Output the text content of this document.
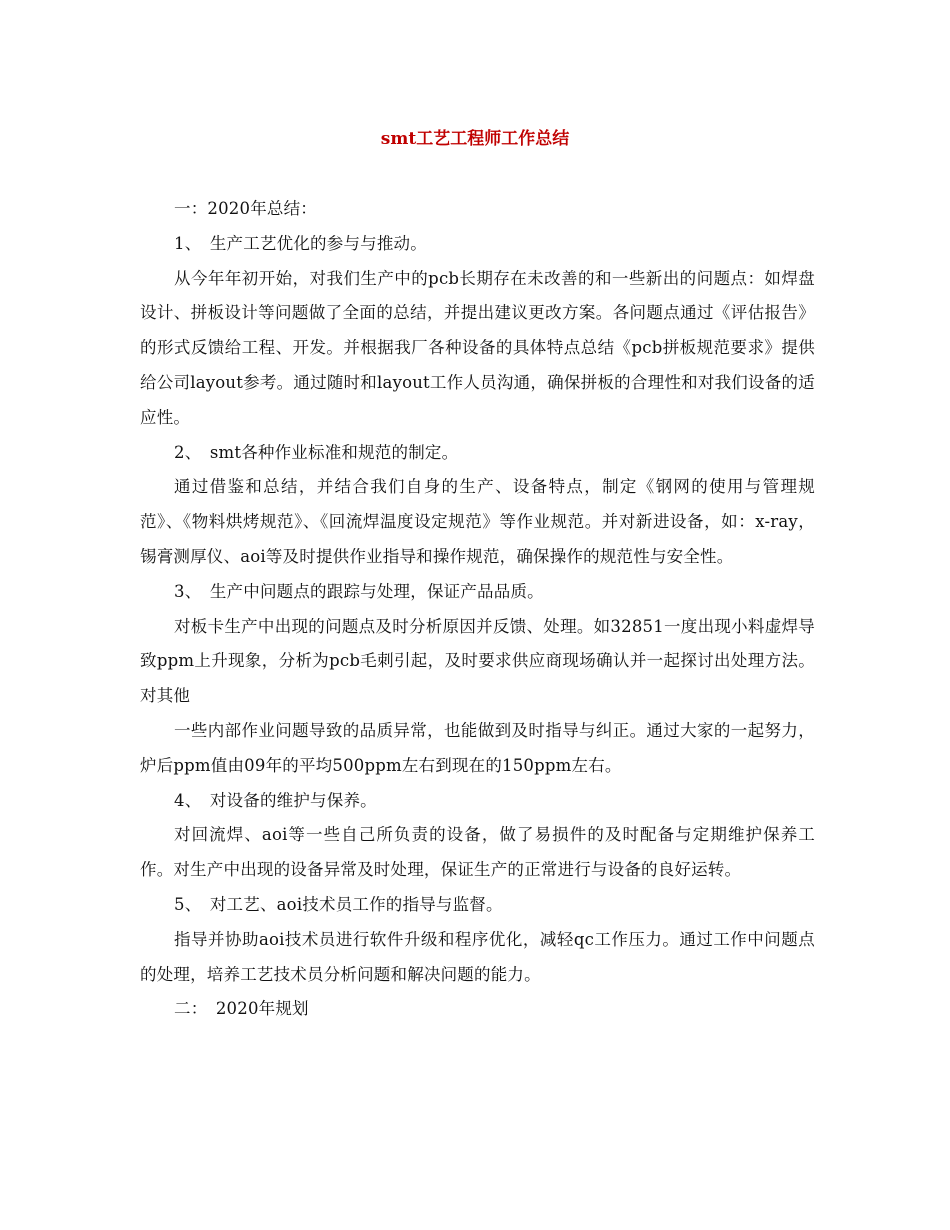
smt工艺工程师工作总结

一：2020年总结：

1、　生产工艺优化的参与与推动。

从今年年初开始，对我们生产中的pcb长期存在未改善的和一些新出的问题点：如焊盘设计、拼板设计等问题做了全面的总结，并提出建议更改方案。各问题点通过《评估报告》的形式反馈给工程、开发。并根据我厂各种设备的具体特点总结《pcb拼板规范要求》提供给公司layout参考。通过随时和layout工作人员沟通，确保拼板的合理性和对我们设备的适应性。

2、　smt各种作业标准和规范的制定。

通过借鉴和总结，并结合我们自身的生产、设备特点，制定《钢网的使用与管理规范》、《物料烘烤规范》、《回流焊温度设定规范》等作业规范。并对新进设备，如：x-ray，锡膏测厚仪、aoi等及时提供作业指导和操作规范，确保操作的规范性与安全性。

3、　生产中问题点的跟踪与处理，保证产品品质。

对板卡生产中出现的问题点及时分析原因并反馈、处理。如32851一度出现小料虚焊导致ppm上升现象，分析为pcb毛刺引起，及时要求供应商现场确认并一起探讨出处理方法。对其他

一些内部作业问题导致的品质异常，也能做到及时指导与纠正。通过大家的一起努力，炉后ppm值由09年的平均500ppm左右到现在的150ppm左右。

4、　对设备的维护与保养。

对回流焊、aoi等一些自己所负责的设备，做了易损件的及时配备与定期维护保养工作。对生产中出现的设备异常及时处理，保证生产的正常进行与设备的良好运转。

5、　对工艺、aoi技术员工作的指导与监督。

指导并协助aoi技术员进行软件升级和程序优化，减轻qc工作压力。通过工作中问题点的处理，培养工艺技术员分析问题和解决问题的能力。

二：　2020年规划
